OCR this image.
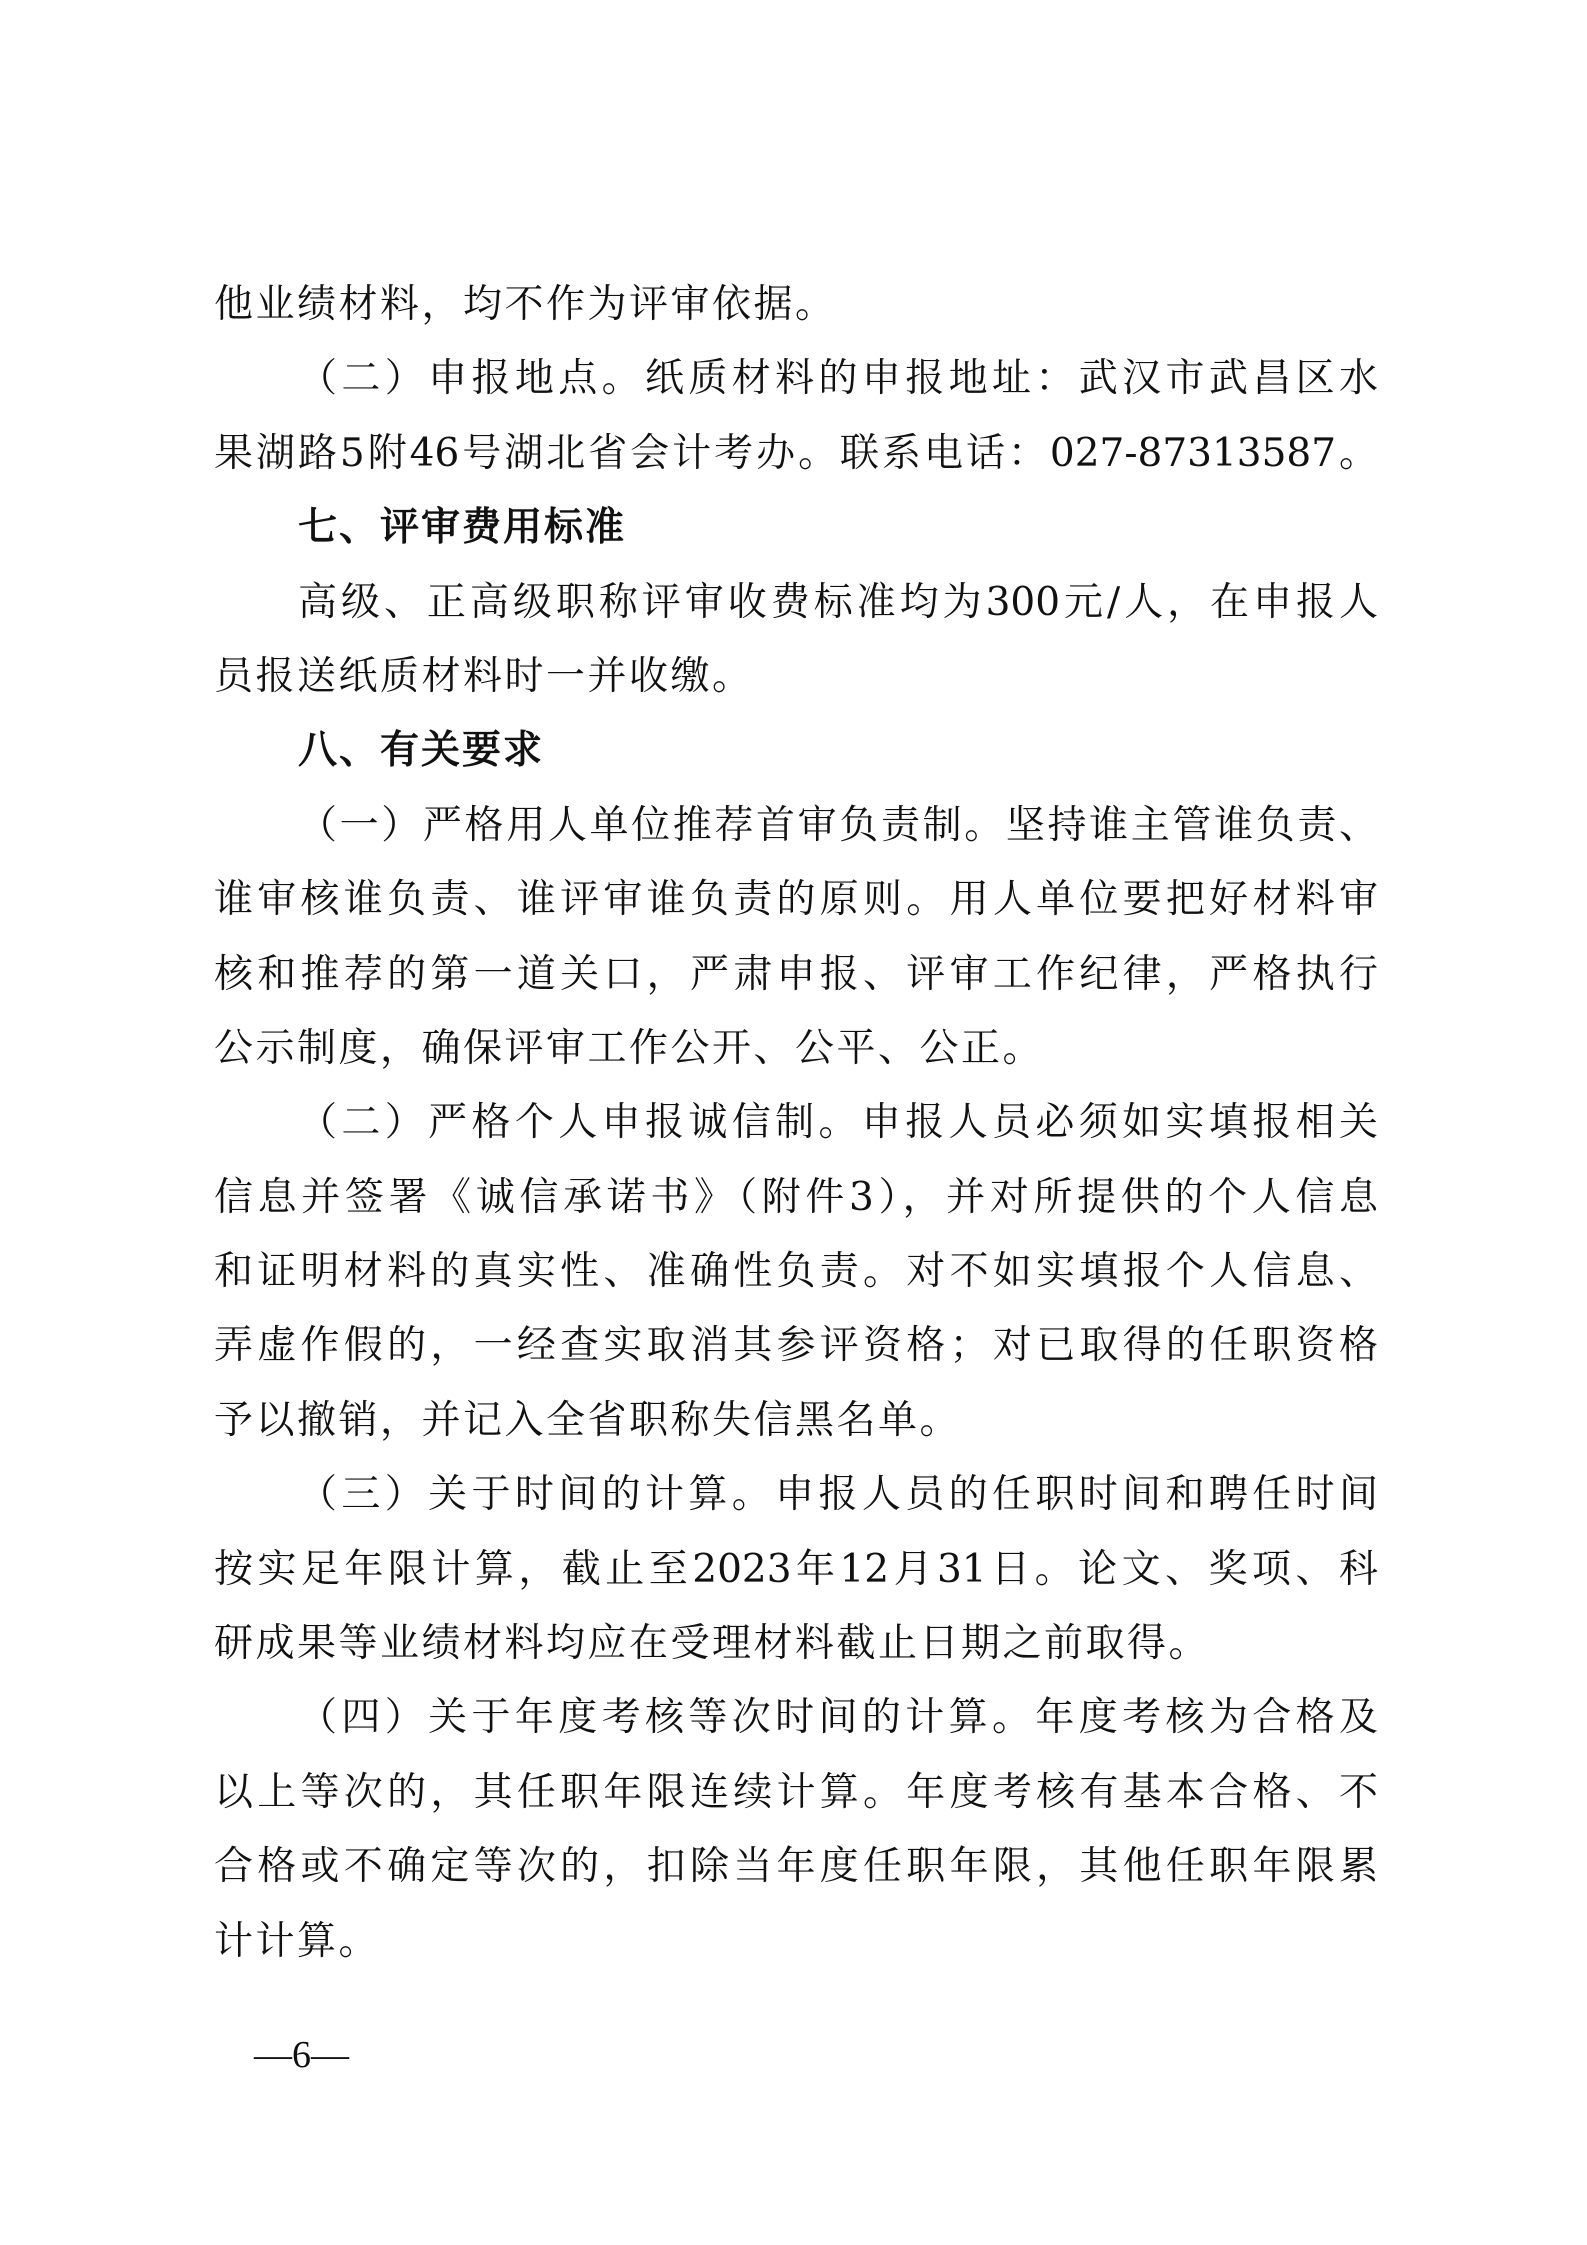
他业绩材料，均不作为评审依据。
（二）申报地点。纸质材料的申报地址：武汉市武昌区水
果湖路5附46号湖北省会计考办。联系电话：027-87313587。
七、评审费用标准
高级、正高级职称评审收费标准均为300元/人，在申报人
员报送纸质材料时一并收缴。
八、有关要求
（一）严格用人单位推荐首审负责制。坚持谁主管谁负责、
谁审核谁负责、谁评审谁负责的原则。用人单位要把好材料审
核和推荐的第一道关口，严肃申报、评审工作纪律，严格执行
公示制度，确保评审工作公开、公平、公正。
（二）严格个人申报诚信制。申报人员必须如实填报相关
信息并签署《诚信承诺书》（附件3），并对所提供的个人信息
和证明材料的真实性、准确性负责。对不如实填报个人信息、
弄虚作假的，一经查实取消其参评资格；对已取得的任职资格
予以撤销，并记入全省职称失信黑名单。
（三）关于时间的计算。申报人员的任职时间和聘任时间
按实足年限计算，截止至2023年12月31日。论文、奖项、科
研成果等业绩材料均应在受理材料截止日期之前取得。
（四）关于年度考核等次时间的计算。年度考核为合格及
以上等次的，其任职年限连续计算。年度考核有基本合格、不
合格或不确定等次的，扣除当年度任职年限，其他任职年限累
计计算。
—6—
